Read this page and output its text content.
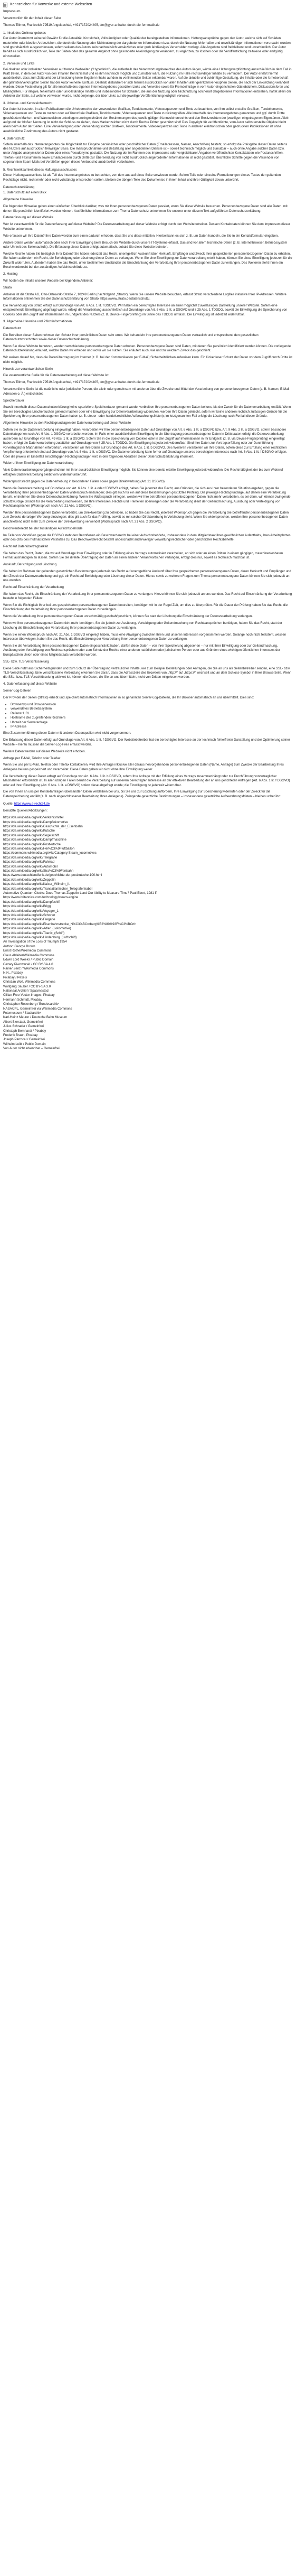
Kennzeichen für Vorwerke und externe Webseiten

Impressum

Verantwortlich für den Inhalt dieser Seite

Thomas Tillmer, Frankreich 79519 Angelbachtal, +4917172024405, tim@gyer-anhalter-durch-die-fernmatik.de

1. Inhalt des Onlineangebotes

Der Autor übernimmt keinerlei Gewähr für die Aktualität, Korrektheit, Vollständigkeit oder Qualität der bereitgestellten Informationen. Haftungsansprüche gegen den Autor, welche sich auf Schäden materieller oder ideeller Art beziehen, die durch die Nutzung oder Nichtnutzung der dargebotenen Informationen bzw. durch die Nutzung fehlerhafter und unvollständiger Informationen verursacht wurden, sind grundsätzlich ausgeschlossen, sofern seitens des Autors kein nachweislich vorsätzliches oder grob fahrlässiges Verschulden vorliegt. Alle Angebote sind freibleibend und unverbindlich. Der Autor behält es sich ausdrücklich vor, Teile der Seiten oder das gesamte Angebot ohne gesonderte Ankündigung zu verändern, zu ergänzen, zu löschen oder die Veröffentlichung zeitweise oder endgültig einzustellen.

2. Verweise und Links

Bei direkten oder indirekten Verweisen auf fremde Webseiten ("Hyperlinks"), die außerhalb des Verantwortungsbereiches des Autors liegen, würde eine Haftungsverpflichtung ausschließlich in dem Fall in Kraft treten, in dem der Autor von den Inhalten Kenntnis hat und es ihm technisch möglich und zumutbar wäre, die Nutzung im Falle rechtswidriger Inhalte zu verhindern. Der Autor erklärt hiermit ausdrücklich, dass zum Zeitpunkt der Linksetzung keine illegalen Inhalte auf den zu verlinkenden Seiten erkennbar waren. Auf die aktuelle und zukünftige Gestaltung, die Inhalte oder die Urheberschaft der gelinkten/verknüpften Seiten hat der Autor keinerlei Einfluss. Deshalb distanziert er sich hiermit ausdrücklich von allen Inhalten aller gelinkten/verknüpften Seiten, die nach der Linksetzung verändert wurden. Diese Feststellung gilt für alle innerhalb des eigenen Internetangebotes gesetzten Links und Verweise sowie für Fremdeinträge in vom Autor eingerichteten Gästebüchern, Diskussionsforen und Mailinglisten. Für illegale, fehlerhafte oder unvollständige Inhalte und insbesondere für Schäden, die aus der Nutzung oder Nichtnutzung solcherart dargebotener Informationen entstehen, haftet allein der Anbieter der Seite, auf welche verwiesen wurde, nicht derjenige, der über Links auf die jeweilige Veröffentlichung lediglich verweist.

3. Urheber- und Kennzeichenrecht

Der Autor ist bestrebt, in allen Publikationen die Urheberrechte der verwendeten Grafiken, Tondokumente, Videosequenzen und Texte zu beachten, von ihm selbst erstellte Grafiken, Tondokumente, Videosequenzen und Texte zu nutzen oder auf lizenzfreie Grafiken, Tondokumente, Videosequenzen und Texte zurückzugreifen. Alle innerhalb des Internetangebotes genannten und ggf. durch Dritte geschützten Marken- und Warenzeichen unterliegen uneingeschränkt den Bestimmungen des jeweils gültigen Kennzeichenrechts und den Besitzrechten der jeweiligen eingetragenen Eigentümer. Allein aufgrund der bloßen Nennung ist nicht der Schluss zu ziehen, dass Markenzeichen nicht durch Rechte Dritter geschützt sind! Das Copyright für veröffentlichte, vom Autor selbst erstellte Objekte bleibt allein beim Autor der Seiten. Eine Vervielfältigung oder Verwendung solcher Grafiken, Tondokumente, Videosequenzen und Texte in anderen elektronischen oder gedruckten Publikationen ist ohne ausdrückliche Zustimmung des Autors nicht gestattet.

4. Datenschutz

Sofern innerhalb des Internetangebotes die Möglichkeit zur Eingabe persönlicher oder geschäftlicher Daten (Emailadressen, Namen, Anschriften) besteht, so erfolgt die Preisgabe dieser Daten seitens des Nutzers auf ausdrücklich freiwilliger Basis. Die Inanspruchnahme und Bezahlung aller angebotenen Dienste ist – soweit technisch möglich und zumutbar – auch ohne Angabe solcher Daten bzw. unter Angabe anonymisierter Daten oder eines Pseudonyms gestattet. Die Nutzung der im Rahmen des Impressums oder vergleichbarer Angaben veröffentlichten Kontaktdaten wie Postanschriften, Telefon- und Faxnummern sowie Emailadressen durch Dritte zur Übersendung von nicht ausdrücklich angeforderten Informationen ist nicht gestattet. Rechtliche Schritte gegen die Versender von sogenannten Spam-Mails bei Verstößen gegen dieses Verbot sind ausdrücklich vorbehalten.

5. Rechtswirksamkeit dieses Haftungsausschlusses

Dieser Haftungsausschluss ist als Teil des Internetangebotes zu betrachten, von dem aus auf diese Seite verwiesen wurde. Sofern Teile oder einzelne Formulierungen dieses Textes der geltenden Rechtslage nicht, nicht mehr oder nicht vollständig entsprechen sollten, bleiben die übrigen Teile des Dokumentes in ihrem Inhalt und ihrer Gültigkeit davon unberührt.

Datenschutzerklärung

1. Datenschutz auf einen Blick

Allgemeine Hinweise

Die folgenden Hinweise geben einen einfachen Überblick darüber, was mit Ihren personenbezogenen Daten passiert, wenn Sie diese Website besuchen. Personenbezogene Daten sind alle Daten, mit denen Sie persönlich identifiziert werden können. Ausführliche Informationen zum Thema Datenschutz entnehmen Sie unserer unter diesem Text aufgeführten Datenschutzerklärung.

Datenerfassung auf dieser Website

Wer ist verantwortlich für die Datenerfassung auf dieser Website? Die Datenverarbeitung auf dieser Website erfolgt durch den Websitebetreiber. Dessen Kontaktdaten können Sie dem Impressum dieser Website entnehmen.

Wie erfassen wir Ihre Daten? Ihre Daten werden zum einen dadurch erhoben, dass Sie uns diese mitteilen. Hierbei kann es sich z. B. um Daten handeln, die Sie in ein Kontaktformular eingeben.

Andere Daten werden automatisch oder nach Ihrer Einwilligung beim Besuch der Website durch unsere IT-Systeme erfasst. Das sind vor allem technische Daten (z. B. Internetbrowser, Betriebssystem oder Uhrzeit des Seitenaufrufs). Die Erfassung dieser Daten erfolgt automatisch, sobald Sie diese Website betreten.

Welche Rechte haben Sie bezüglich Ihrer Daten? Sie haben jederzeit das Recht, unentgeltlich Auskunft über Herkunft, Empfänger und Zweck Ihrer gespeicherten personenbezogenen Daten zu erhalten. Sie haben außerdem ein Recht, die Berichtigung oder Löschung dieser Daten zu verlangen. Wenn Sie eine Einwilligung zur Datenverarbeitung erteilt haben, können Sie diese Einwilligung jederzeit für die Zukunft widerrufen. Außerdem haben Sie das Recht, unter bestimmten Umständen die Einschränkung der Verarbeitung Ihrer personenbezogenen Daten zu verlangen. Des Weiteren steht Ihnen ein Beschwerderecht bei der zuständigen Aufsichtsbehörde zu.

2. Hosting

Wir hosten die Inhalte unserer Website bei folgendem Anbieter:

Strato

Anbieter ist die Strato AG, Otto-Ostrowski-Straße 7, 10249 Berlin (nachfolgend „Strato“). Wenn Sie unsere Website besuchen, erfasst Strato verschiedene Logfiles inklusive Ihrer IP-Adressen. Weitere Informationen entnehmen Sie der Datenschutzerklärung von Strato: https://www.strato.de/datenschutz/.

Die Verwendung von Strato erfolgt auf Grundlage von Art. 6 Abs. 1 lit. f DSGVO. Wir haben ein berechtigtes Interesse an einer möglichst zuverlässigen Darstellung unserer Website. Sofern eine entsprechende Einwilligung abgefragt wurde, erfolgt die Verarbeitung ausschließlich auf Grundlage von Art. 6 Abs. 1 lit. a DSGVO und § 25 Abs. 1 TDDDG, soweit die Einwilligung die Speicherung von Cookies oder den Zugriff auf Informationen im Endgerät des Nutzers (z. B. Device-Fingerprinting) im Sinne des TDDDG umfasst. Die Einwilligung ist jederzeit widerrufbar.

3. Allgemeine Hinweise und Pflichtinformationen

Datenschutz

Die Betreiber dieser Seiten nehmen den Schutz Ihrer persönlichen Daten sehr ernst. Wir behandeln Ihre personenbezogenen Daten vertraulich und entsprechend den gesetzlichen Datenschutzvorschriften sowie dieser Datenschutzerklärung.

Wenn Sie diese Website benutzen, werden verschiedene personenbezogene Daten erhoben. Personenbezogene Daten sind Daten, mit denen Sie persönlich identifiziert werden können. Die vorliegende Datenschutzerklärung erläutert, welche Daten wir erheben und wofür wir sie nutzen. Sie erläutert auch, wie und zu welchem Zweck das geschieht.

Wir weisen darauf hin, dass die Datenübertragung im Internet (z. B. bei der Kommunikation per E-Mail) Sicherheitslücken aufweisen kann. Ein lückenloser Schutz der Daten vor dem Zugriff durch Dritte ist nicht möglich.

Hinweis zur verantwortlichen Stelle

Die verantwortliche Stelle für die Datenverarbeitung auf dieser Website ist:

Thomas Tillmer, Frankreich 79519 Angelbachtal, +4917172024405, tim@gyer-anhalter-durch-die-fernmatik.de

Verantwortliche Stelle ist die natürliche oder juristische Person, die allein oder gemeinsam mit anderen über die Zwecke und Mittel der Verarbeitung von personenbezogenen Daten (z. B. Namen, E-Mail-Adressen o. Ä.) entscheidet.

Speicherdauer

Soweit innerhalb dieser Datenschutzerklärung keine speziellere Speicherdauer genannt wurde, verbleiben Ihre personenbezogenen Daten bei uns, bis der Zweck für die Datenverarbeitung entfällt. Wenn Sie ein berechtigtes Löschersuchen geltend machen oder eine Einwilligung zur Datenverarbeitung widerrufen, werden Ihre Daten gelöscht, sofern wir keine anderen rechtlich zulässigen Gründe für die Speicherung Ihrer personenbezogenen Daten haben (z. B. steuer- oder handelsrechtliche Aufbewahrungsfristen); im letztgenannten Fall erfolgt die Löschung nach Fortfall dieser Gründe.

Allgemeine Hinweise zu den Rechtsgrundlagen der Datenverarbeitung auf dieser Website

Sofern Sie in die Datenverarbeitung eingewilligt haben, verarbeiten wir Ihre personenbezogenen Daten auf Grundlage von Art. 6 Abs. 1 lit. a DSGVO bzw. Art. 9 Abs. 2 lit. a DSGVO, sofern besondere Datenkategorien nach Art. 9 Abs. 1 DSGVO verarbeitet werden. Im Falle einer ausdrücklichen Einwilligung in die Übertragung personenbezogener Daten in Drittstaaten erfolgt die Datenverarbeitung außerdem auf Grundlage von Art. 49 Abs. 1 lit. a DSGVO. Sofern Sie in die Speicherung von Cookies oder in den Zugriff auf Informationen in Ihr Endgerät (z. B. via Device-Fingerprinting) eingewilligt haben, erfolgt die Datenverarbeitung zusätzlich auf Grundlage von § 25 Abs. 1 TDDDG. Die Einwilligung ist jederzeit widerrufbar. Sind Ihre Daten zur Vertragserfüllung oder zur Durchführung vorvertraglicher Maßnahmen erforderlich, verarbeiten wir Ihre Daten auf Grundlage des Art. 6 Abs. 1 lit. b DSGVO. Des Weiteren verarbeiten wir Ihre Daten, sofern diese zur Erfüllung einer rechtlichen Verpflichtung erforderlich sind auf Grundlage von Art. 6 Abs. 1 lit. c DSGVO. Die Datenverarbeitung kann ferner auf Grundlage unseres berechtigten Interesses nach Art. 6 Abs. 1 lit. f DSGVO erfolgen. Über die jeweils im Einzelfall einschlägigen Rechtsgrundlagen wird in den folgenden Absätzen dieser Datenschutzerklärung informiert.

Widerruf Ihrer Einwilligung zur Datenverarbeitung

Viele Datenverarbeitungsvorgänge sind nur mit Ihrer ausdrücklichen Einwilligung möglich. Sie können eine bereits erteilte Einwilligung jederzeit widerrufen. Die Rechtmäßigkeit der bis zum Widerruf erfolgten Datenverarbeitung bleibt vom Widerruf unberührt.

Widerspruchsrecht gegen die Datenerhebung in besonderen Fällen sowie gegen Direktwerbung (Art. 21 DSGVO)

Wenn die Datenverarbeitung auf Grundlage von Art. 6 Abs. 1 lit. e oder f DSGVO erfolgt, haben Sie jederzeit das Recht, aus Gründen, die sich aus Ihrer besonderen Situation ergeben, gegen die Verarbeitung Ihrer personenbezogenen Daten Widerspruch einzulegen; dies gilt auch für ein auf diese Bestimmungen gestütztes Profiling. Die jeweilige Rechtsgrundlage, auf denen eine Verarbeitung beruht, entnehmen Sie dieser Datenschutzerklärung. Wenn Sie Widerspruch einlegen, werden wir Ihre betroffenen personenbezogenen Daten nicht mehr verarbeiten, es sei denn, wir können zwingende schutzwürdige Gründe für die Verarbeitung nachweisen, die Ihre Interessen, Rechte und Freiheiten überwiegen oder die Verarbeitung dient der Geltendmachung, Ausübung oder Verteidigung von Rechtsansprüchen (Widerspruch nach Art. 21 Abs. 1 DSGVO).

Werden Ihre personenbezogenen Daten verarbeitet, um Direktwerbung zu betreiben, so haben Sie das Recht, jederzeit Widerspruch gegen die Verarbeitung Sie betreffender personenbezogener Daten zum Zwecke derartiger Werbung einzulegen; dies gilt auch für das Profiling, soweit es mit solcher Direktwerbung in Verbindung steht. Wenn Sie widersprechen, werden Ihre personenbezogenen Daten anschließend nicht mehr zum Zwecke der Direktwerbung verwendet (Widerspruch nach Art. 21 Abs. 2 DSGVO).

Beschwerderecht bei der zuständigen Aufsichtsbehörde

Im Falle von Verstößen gegen die DSGVO steht den Betroffenen ein Beschwerderecht bei einer Aufsichtsbehörde, insbesondere in dem Mitgliedstaat ihres gewöhnlichen Aufenthalts, ihres Arbeitsplatzes oder des Orts des mutmaßlichen Verstoßes zu. Das Beschwerderecht besteht unbeschadet anderweitiger verwaltungsrechtlicher oder gerichtlicher Rechtsbehelfe.

Recht auf Datenübertragbarkeit

Sie haben das Recht, Daten, die wir auf Grundlage Ihrer Einwilligung oder in Erfüllung eines Vertrags automatisiert verarbeiten, an sich oder an einen Dritten in einem gängigen, maschinenlesbaren Format aushändigen zu lassen. Sofern Sie die direkte Übertragung der Daten an einen anderen Verantwortlichen verlangen, erfolgt dies nur, soweit es technisch machbar ist.

Auskunft, Berichtigung und Löschung

Sie haben im Rahmen der geltenden gesetzlichen Bestimmungen jederzeit das Recht auf unentgeltliche Auskunft über Ihre gespeicherten personenbezogenen Daten, deren Herkunft und Empfänger und den Zweck der Datenverarbeitung und ggf. ein Recht auf Berichtigung oder Löschung dieser Daten. Hierzu sowie zu weiteren Fragen zum Thema personenbezogene Daten können Sie sich jederzeit an uns wenden.

Recht auf Einschränkung der Verarbeitung

Sie haben das Recht, die Einschränkung der Verarbeitung Ihrer personenbezogenen Daten zu verlangen. Hierzu können Sie sich jederzeit an uns wenden. Das Recht auf Einschränkung der Verarbeitung besteht in folgenden Fällen:

Wenn Sie die Richtigkeit Ihrer bei uns gespeicherten personenbezogenen Daten bestreiten, benötigen wir in der Regel Zeit, um dies zu überprüfen. Für die Dauer der Prüfung haben Sie das Recht, die Einschränkung der Verarbeitung Ihrer personenbezogenen Daten zu verlangen.

Wenn die Verarbeitung Ihrer personenbezogenen Daten unrechtmäßig geschah/geschieht, können Sie statt der Löschung die Einschränkung der Datenverarbeitung verlangen.

Wenn wir Ihre personenbezogenen Daten nicht mehr benötigen, Sie sie jedoch zur Ausübung, Verteidigung oder Geltendmachung von Rechtsansprüchen benötigen, haben Sie das Recht, statt der Löschung die Einschränkung der Verarbeitung Ihrer personenbezogenen Daten zu verlangen.

Wenn Sie einen Widerspruch nach Art. 21 Abs. 1 DSGVO eingelegt haben, muss eine Abwägung zwischen Ihren und unseren Interessen vorgenommen werden. Solange noch nicht feststeht, wessen Interessen überwiegen, haben Sie das Recht, die Einschränkung der Verarbeitung Ihrer personenbezogenen Daten zu verlangen.

Wenn Sie die Verarbeitung Ihrer personenbezogenen Daten eingeschränkt haben, dürfen diese Daten – von ihrer Speicherung abgesehen – nur mit Ihrer Einwilligung oder zur Geltendmachung, Ausübung oder Verteidigung von Rechtsansprüchen oder zum Schutz der Rechte einer anderen natürlichen oder juristischen Person oder aus Gründen eines wichtigen öffentlichen Interesses der Europäischen Union oder eines Mitgliedstaats verarbeitet werden.

SSL- bzw. TLS-Verschlüsselung

Diese Seite nutzt aus Sicherheitsgründen und zum Schutz der Übertragung vertraulicher Inhalte, wie zum Beispiel Bestellungen oder Anfragen, die Sie an uns als Seitenbetreiber senden, eine SSL- bzw. TLS-Verschlüsselung. Eine verschlüsselte Verbindung erkennen Sie daran, dass die Adresszeile des Browsers von „http://“ auf „https://“ wechselt und an dem Schloss-Symbol in Ihrer Browserzeile. Wenn die SSL- bzw. TLS-Verschlüsselung aktiviert ist, können die Daten, die Sie an uns übermitteln, nicht von Dritten mitgelesen werden.

4. Datenerfassung auf dieser Website

Server-Log-Dateien

Der Provider der Seiten (Strato) erhebt und speichert automatisch Informationen in so genannten Server-Log-Dateien, die Ihr Browser automatisch an uns übermittelt. Dies sind:

• Browsertyp und Browserversion
• verwendetes Betriebssystem
• Referrer URL
• Hostname des zugreifenden Rechners
• Uhrzeit der Serveranfrage
• IP-Adresse

Eine Zusammenführung dieser Daten mit anderen Datenquellen wird nicht vorgenommen.

Die Erfassung dieser Daten erfolgt auf Grundlage von Art. 6 Abs. 1 lit. f DSGVO. Der Websitebetreiber hat ein berechtigtes Interesse an der technisch fehlerfreien Darstellung und der Optimierung seiner Website – hierzu müssen die Server-Log-Files erfasst werden.

Weitere Daten werden auf dieser Webseite nicht erhoben.

Anfrage per E-Mail, Telefon oder Telefax

Wenn Sie uns per E-Mail, Telefon oder Telefax kontaktieren, wird Ihre Anfrage inklusive aller daraus hervorgehenden personenbezogenen Daten (Name, Anfrage) zum Zwecke der Bearbeitung Ihres Anliegens bei uns gespeichert und verarbeitet. Diese Daten geben wir nicht ohne Ihre Einwilligung weiter.

Die Verarbeitung dieser Daten erfolgt auf Grundlage von Art. 6 Abs. 1 lit. b DSGVO, sofern Ihre Anfrage mit der Erfüllung eines Vertrags zusammenhängt oder zur Durchführung vorvertraglicher Maßnahmen erforderlich ist. In allen übrigen Fällen beruht die Verarbeitung auf unserem berechtigten Interesse an der effektiven Bearbeitung der an uns gerichteten Anfragen (Art. 6 Abs. 1 lit. f DSGVO) oder auf Ihrer Einwilligung (Art. 6 Abs. 1 lit. a DSGVO) sofern diese abgefragt wurde; die Einwilligung ist jederzeit widerrufbar.

Die von Ihnen an uns per Kontaktanfragen übersandten Daten verbleiben bei uns, bis Sie uns zur Löschung auffordern, Ihre Einwilligung zur Speicherung widerrufen oder der Zweck für die Datenspeicherung entfällt (z. B. nach abgeschlossener Bearbeitung Ihres Anliegens). Zwingende gesetzliche Bestimmungen – insbesondere gesetzliche Aufbewahrungsfristen – bleiben unberührt.

Quelle: https://www.e-recht24.de

Benutzte Quellen/Abbildungen:

https://de.wikipedia.org/wiki/Verkehrsmittel
https://de.wikipedia.org/wiki/Dampflokomotive
https://de.wikipedia.org/wiki/Geschichte_der_Eisenbahn
https://de.wikipedia.org/wiki/Kutsche
https://de.wikipedia.org/wiki/Segelschiff
https://de.wikipedia.org/wiki/Dampfmaschine
https://de.wikipedia.org/wiki/Postkutsche
https://de.wikipedia.org/wiki/Hei%C3%9Fluftballon
https://commons.wikimedia.org/wiki/Category:Steam_locomotives
https://de.wikipedia.org/wiki/Telegrafie
https://de.wikipedia.org/wiki/Fahrrad
https://de.wikipedia.org/wiki/Automobil
https://de.wikipedia.org/wiki/Stra%C3%9Fenbahn
https://www.deutschlandfunk.de/geschichte-der-postkutsche-100.html
https://de.wikipedia.org/wiki/Zeppelin
https://de.wikipedia.org/wiki/Kaiser_Wilhelm_II.
https://de.wikipedia.org/wiki/Transatlantischer_Telegrafenkabel
Automotive Quantum Clocks: Does Thomas Zeppelin Land Our Ability to Measure Time? Paul Ebert, 1981 ff.
https://www.britannica.com/technology/steam-engine
https://de.wikipedia.org/wiki/Dampfschiff
https://de.wikipedia.org/wiki/Brigg
https://de.wikipedia.org/wiki/Voyager_1
https://de.wikipedia.org/wiki/Schoner
https://de.wikipedia.org/wiki/Fregatte
https://de.wikipedia.org/wiki/Eisenbahnstrecke_N%C3%BCrnberg%E2%80%93F%C3%BCrth
https://de.wikipedia.org/wiki/Adler_(Lokomotive)
https://de.wikipedia.org/wiki/Titanic_(Schiff)
https://de.wikipedia.org/wiki/Hindenburg_(Luftschiff)
An Investigation of the Loss of Triumph 1954
Author: George Brown
Ernst Rothe/Wikimedia Commons
Claus Ableiter/Wikimedia Commons
Edwin Lord Weeks / Public Domain
Cezary Piwowarski / CC BY-SA 4.0
Rainer Zenz / Wikimedia Commons
N.N., Pixabay
Pixabay / Pexels
Christian Wolf, Wikimedia Commons
Wolfgang Sauber / CC BY-SA 3.0
Nationaal Archief / Spaarnestad
Cillian-Free-Vector-Images, Pixabay
Hermann Schmidt, Pixabay
Christopher Rosenberg / Bundesarchiv
NASA/JPL, Gemeinfrei via Wikimedia Commons
Fotomuseum / Stadtarchiv
Karl-Heinz Meurer / Deutsche Bahn Museum
Albert Bierstadt, Gemeinfrei
Julius Schrader / Gemeinfrei
Christoph Bernhardt / Pixabay
Frederik Braun, Pixabay
Joseph Parrocel / Gemeinfrei
Wilhelm Leibl / Public Domain
Von Autor nicht erkennbar – Gemeinfrei
